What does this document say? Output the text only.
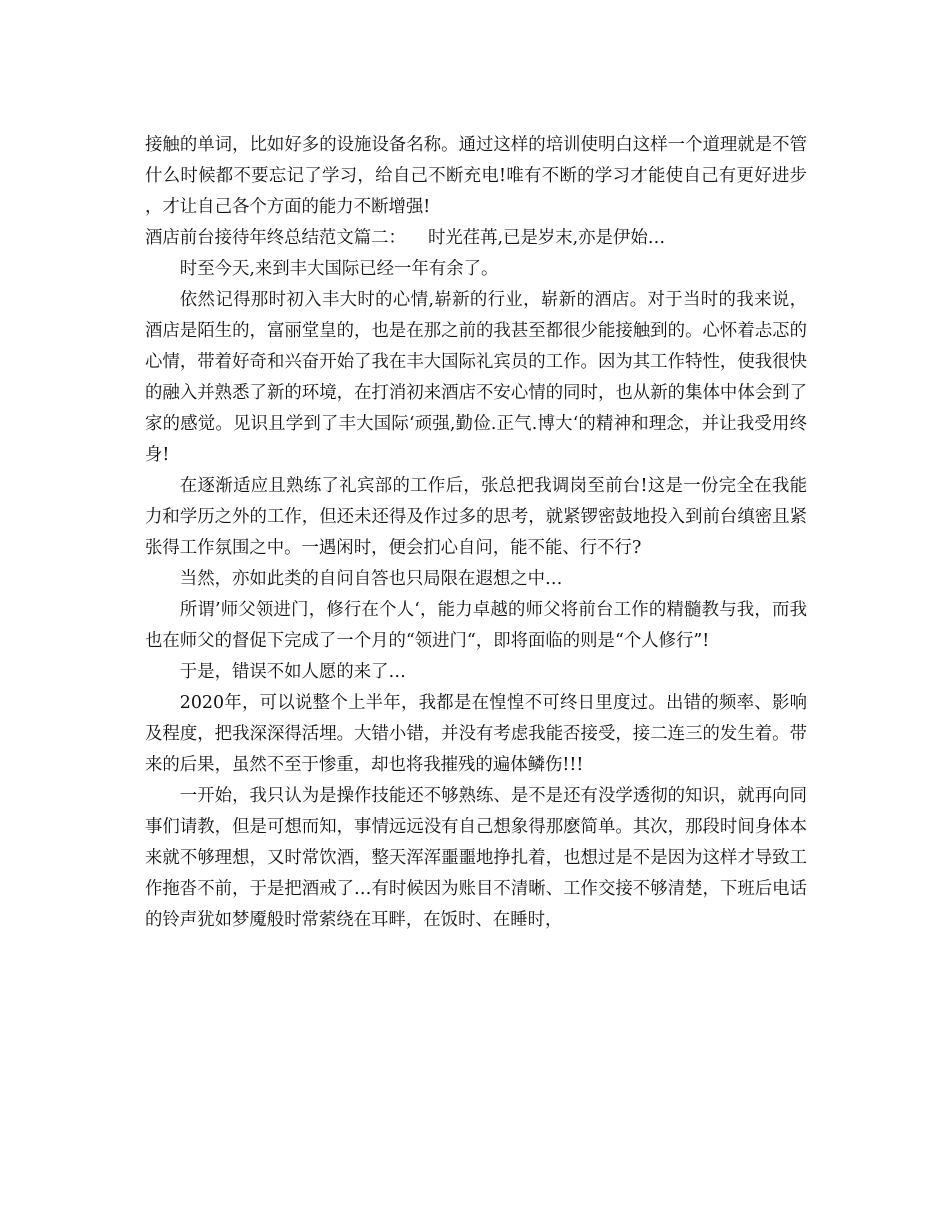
接触的单词，比如好多的设施设备名称。通过这样的培训使明白这样一个道理就是不管什么时候都不要忘记了学习，给自己不断充电!唯有不断的学习才能使自己有更好进步，才让自己各个方面的能力不断增强!

酒店前台接待年终总结范文篇二：    时光荏苒,已是岁末,亦是伊始…

时至今天,来到丰大国际已经一年有余了。

依然记得那时初入丰大时的心情,崭新的行业，崭新的酒店。对于当时的我来说，酒店是陌生的，富丽堂皇的，也是在那之前的我甚至都很少能接触到的。心怀着忐忑的心情，带着好奇和兴奋开始了我在丰大国际礼宾员的工作。因为其工作特性，使我很快的融入并熟悉了新的环境，在打消初来酒店不安心情的同时，也从新的集体中体会到了家的感觉。见识且学到了丰大国际‘顽强,勤俭.正气.博大‘的精神和理念，并让我受用终身!

在逐渐适应且熟练了礼宾部的工作后，张总把我调岗至前台!这是一份完全在我能力和学历之外的工作，但还未还得及作过多的思考，就紧锣密鼓地投入到前台缜密且紧张得工作氛围之中。一遇闲时，便会扪心自问，能不能、行不行?

当然，亦如此类的自问自答也只局限在遐想之中…

所谓’师父领进门，修行在个人‘，能力卓越的师父将前台工作的精髓教与我，而我也在师父的督促下完成了一个月的“领进门“，即将面临的则是“个人修行”!

于是，错误不如人愿的来了…

2020年，可以说整个上半年，我都是在惶惶不可终日里度过。出错的频率、影响及程度，把我深深得活埋。大错小错，并没有考虑我能否接受，接二连三的发生着。带来的后果，虽然不至于惨重，却也将我摧残的遍体鳞伤!!!

一开始，我只认为是操作技能还不够熟练、是不是还有没学透彻的知识，就再向同事们请教，但是可想而知，事情远远没有自己想象得那麽简单。其次，那段时间身体本来就不够理想，又时常饮酒，整天浑浑噩噩地挣扎着，也想过是不是因为这样才导致工作拖沓不前，于是把酒戒了…有时候因为账目不清晰、工作交接不够清楚，下班后电话的铃声犹如梦魇般时常萦绕在耳畔，在饭时、在睡时，
